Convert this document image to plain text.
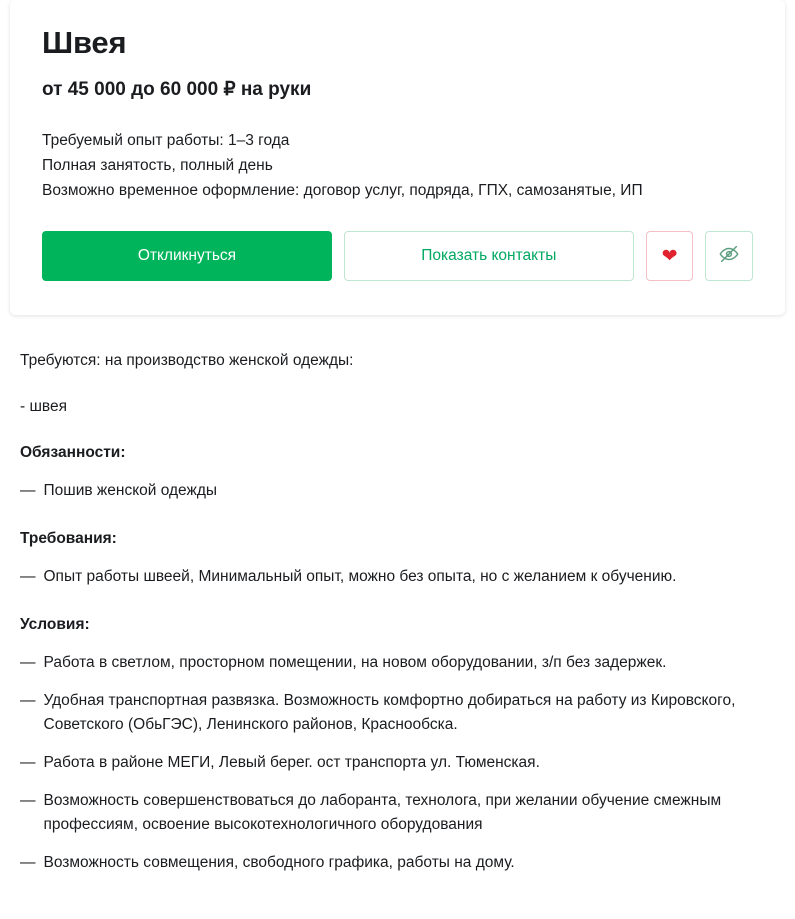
Швея
от 45 000 до 60 000 ₽ на руки
Требуемый опыт работы: 1–3 года
Полная занятость, полный день
Возможно временное оформление: договор услуг, подряда, ГПХ, самозанятые, ИП
Откликнуться	Показать контакты	❤

Требуются: на производство женской одежды:

- швея

Обязанности:
— Пошив женской одежды
Требования:
— Опыт работы швеей, Минимальный опыт, можно без опыта, но с желанием к обучению.
Условия:
— Работа в светлом, просторном помещении, на новом оборудовании, з/п без задержек.
— Удобная транспортная развязка. Возможность комфортно добираться на работу из Кировского, Советского (ОбьГЭС), Ленинского районов, Краснообска.
— Работа в районе МЕГИ, Левый берег. ост транспорта ул. Тюменская.
— Возможность совершенствоваться до лаборанта, технолога, при желании обучение смежным профессиям, освоение высокотехнологичного оборудования
— Возможность совмещения, свободного графика, работы на дому.
